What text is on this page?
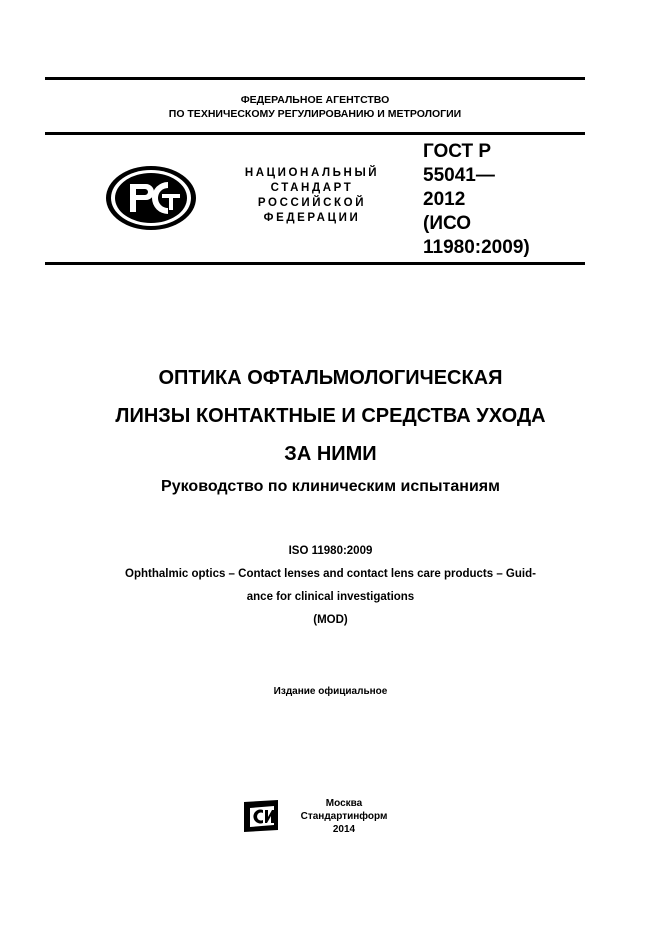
ФЕДЕРАЛЬНОЕ АГЕНТСТВО
ПО ТЕХНИЧЕСКОМУ РЕГУЛИРОВАНИЮ И МЕТРОЛОГИИ
НАЦИОНАЛЬНЫЙ
СТАНДАРТ
РОССИЙСКОЙ
ФЕДЕРАЦИИ
ГОСТ Р
55041—
2012
(ИСО
11980:2009)
ОПТИКА ОФТАЛЬМОЛОГИЧЕСКАЯ
ЛИНЗЫ КОНТАКТНЫЕ И СРЕДСТВА УХОДА
ЗА НИМИ
Руководство по клиническим испытаниям
ISO 11980:2009
Ophthalmic optics – Contact lenses and contact lens care products – Guid-
ance for clinical investigations
(MOD)
Издание официальное
Москва
Стандартинформ
2014
